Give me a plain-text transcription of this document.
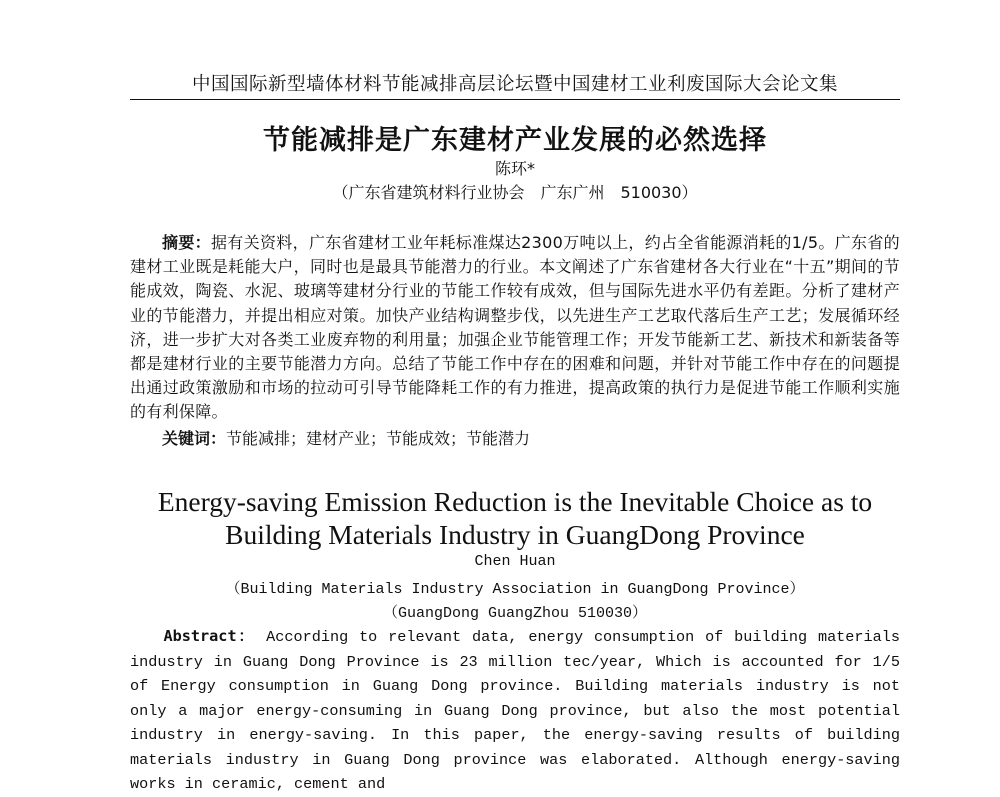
中国国际新型墙体材料节能减排高层论坛暨中国建材工业利废国际大会论文集
节能减排是广东建材产业发展的必然选择
陈环*
（广东省建筑材料行业协会　广东广州　510030）
摘要：据有关资料，广东省建材工业年耗标准煤达2300万吨以上，约占全省能源消耗的1/5。广东省的建材工业既是耗能大户，同时也是最具节能潜力的行业。本文阐述了广东省建材各大行业在“十五”期间的节能成效，陶瓷、水泥、玻璃等建材分行业的节能工作较有成效，但与国际先进水平仍有差距。分析了建材产业的节能潜力，并提出相应对策。加快产业结构调整步伐，以先进生产工艺取代落后生产工艺；发展循环经济，进一步扩大对各类工业废弃物的利用量；加强企业节能管理工作；开发节能新工艺、新技术和新装备等都是建材行业的主要节能潜力方向。总结了节能工作中存在的困难和问题，并针对节能工作中存在的问题提出通过政策激励和市场的拉动可引导节能降耗工作的有力推进，提高政策的执行力是促进节能工作顺利实施的有利保障。
关键词：节能减排；建材产业；节能成效；节能潜力
Energy-saving Emission Reduction is the Inevitable Choice as to
Building Materials Industry in GuangDong Province
Chen Huan
（Building Materials Industry Association in GuangDong Province）
（GuangDong GuangZhou 510030）
Abstract： According to relevant data, energy consumption of building materials industry in Guang Dong Province is 23 million tec/year, Which is accounted for 1/5 of Energy consumption in Guang Dong province. Building materials industry is not only a major energy-consuming in Guang Dong province, but also the most potential industry in energy-saving. In this paper, the energy-saving results of building materials industry in Guang Dong province was elaborated. Although energy-saving works in ceramic, cement and
